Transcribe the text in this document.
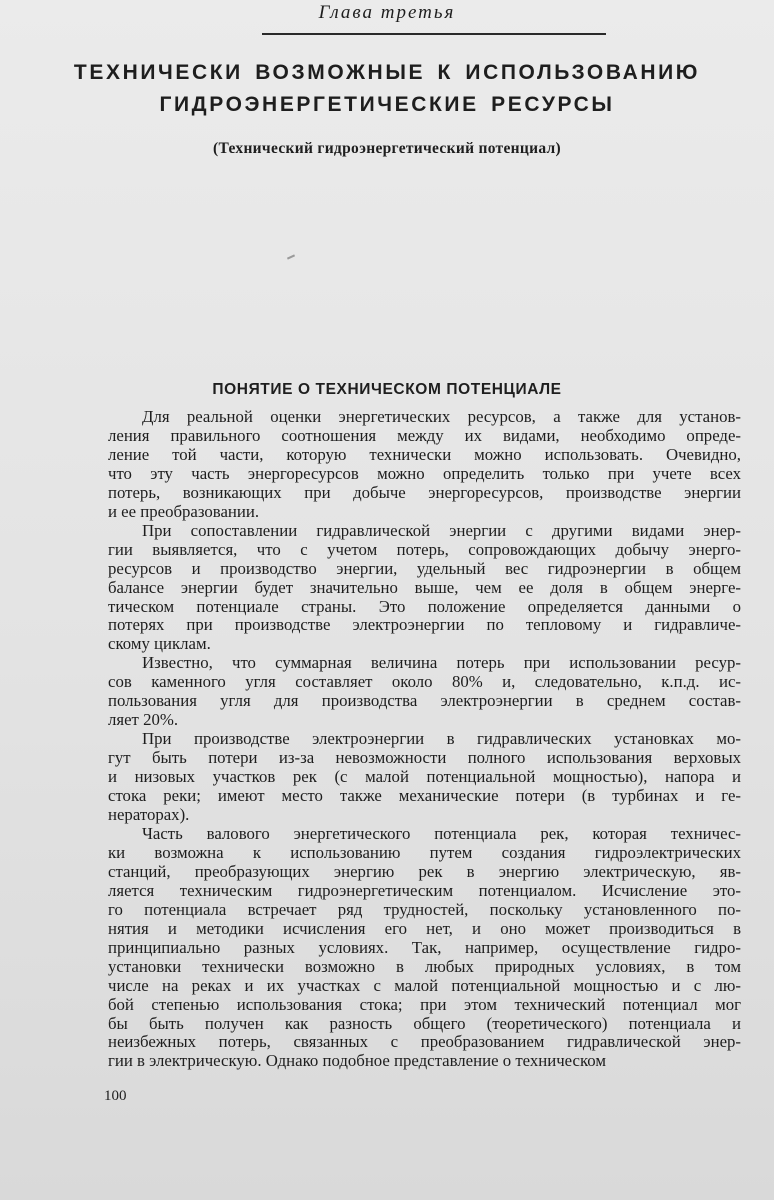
Глава третья
ТЕХНИЧЕСКИ ВОЗМОЖНЫЕ К ИСПОЛЬЗОВАНИЮ
ГИДРОЭНЕРГЕТИЧЕСКИЕ РЕСУРСЫ
(Технический гидроэнергетический потенциал)
ПОНЯТИЕ О ТЕХНИЧЕСКОМ ПОТЕНЦИАЛЕ
Для реальной оценки энергетических ресурсов, а также для установ-
ления правильного соотношения между их видами, необходимо опреде-
ление той части, которую технически можно использовать. Очевидно,
что эту часть энергоресурсов можно определить только при учете всех
потерь, возникающих при добыче энергоресурсов, производстве энергии
и ее преобразовании.
При сопоставлении гидравлической энергии с другими видами энер-
гии выявляется, что с учетом потерь, сопровождающих добычу энерго-
ресурсов и производство энергии, удельный вес гидроэнергии в общем
балансе энергии будет значительно выше, чем ее доля в общем энерге-
тическом потенциале страны. Это положение определяется данными о
потерях при производстве электроэнергии по тепловому и гидравличе-
скому циклам.
Известно, что суммарная величина потерь при использовании ресур-
сов каменного угля составляет около 80% и, следовательно, к.п.д. ис-
пользования угля для производства электроэнергии в среднем состав-
ляет 20%.
При производстве электроэнергии в гидравлических установках мо-
гут быть потери из-за невозможности полного использования верховых
и низовых участков рек (с малой потенциальной мощностью), напора и
стока реки; имеют место также механические потери (в турбинах и ге-
нераторах).
Часть валового энергетического потенциала рек, которая техничес-
ки возможна к использованию путем создания гидроэлектрических
станций, преобразующих энергию рек в энергию электрическую, яв-
ляется техническим гидроэнергетическим потенциалом. Исчисление это-
го потенциала встречает ряд трудностей, поскольку установленного по-
нятия и методики исчисления его нет, и оно может производиться в
принципиально разных условиях. Так, например, осуществление гидро-
установки технически возможно в любых природных условиях, в том
числе на реках и их участках с малой потенциальной мощностью и с лю-
бой степенью использования стока; при этом технический потенциал мог
бы быть получен как разность общего (теоретического) потенциала и
неизбежных потерь, связанных с преобразованием гидравлической энер-
гии в электрическую. Однако подобное представление о техническом
100
